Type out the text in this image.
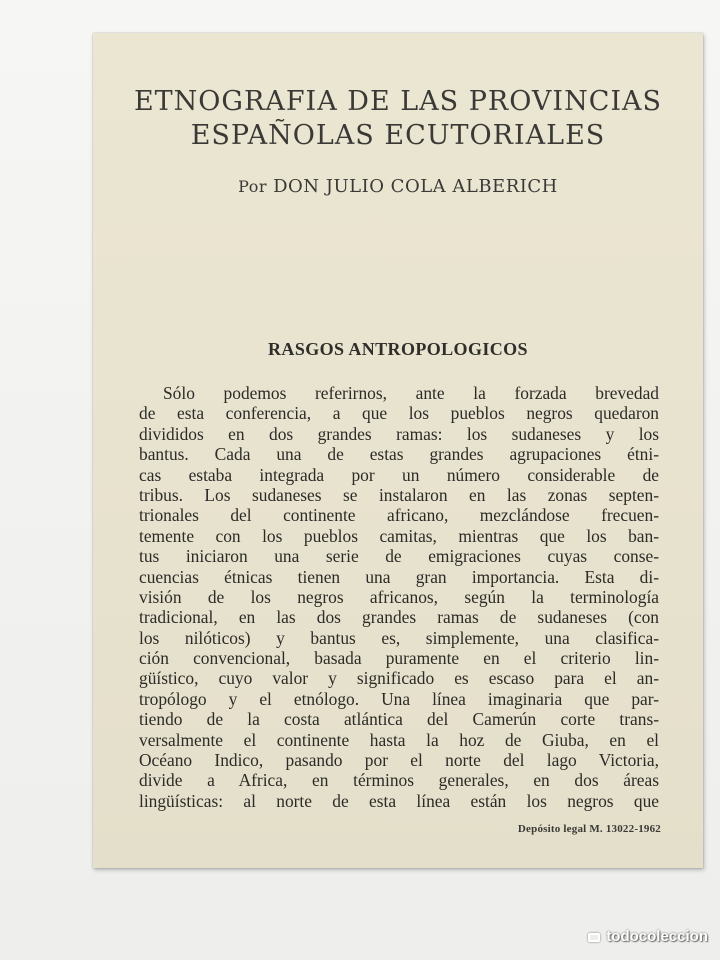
ETNOGRAFIA DE LAS PROVINCIAS
ESPAÑOLAS ECUTORIALES
Por DON JULIO COLA ALBERICH
RASGOS ANTROPOLOGICOS
Sólo podemos referirnos, ante la forzada brevedad
de esta conferencia, a que los pueblos negros quedaron
divididos en dos grandes ramas: los sudaneses y los
bantus. Cada una de estas grandes agrupaciones étni-
cas estaba integrada por un número considerable de
tribus. Los sudaneses se instalaron en las zonas septen-
trionales del continente africano, mezclándose frecuen-
temente con los pueblos camitas, mientras que los ban-
tus iniciaron una serie de emigraciones cuyas conse-
cuencias étnicas tienen una gran importancia. Esta di-
visión de los negros africanos, según la terminología
tradicional, en las dos grandes ramas de sudaneses (con
los nilóticos) y bantus es, simplemente, una clasifica-
ción convencional, basada puramente en el criterio lin-
güístico, cuyo valor y significado es escaso para el an-
tropólogo y el etnólogo. Una línea imaginaria que par-
tiendo de la costa atlántica del Camerún corte trans-
versalmente el continente hasta la hoz de Giuba, en el
Océano Indico, pasando por el norte del lago Victoria,
divide a Africa, en términos generales, en dos áreas
lingüísticas: al norte de esta línea están los negros que
Depósito legal M. 13022-1962
todocoleccion
